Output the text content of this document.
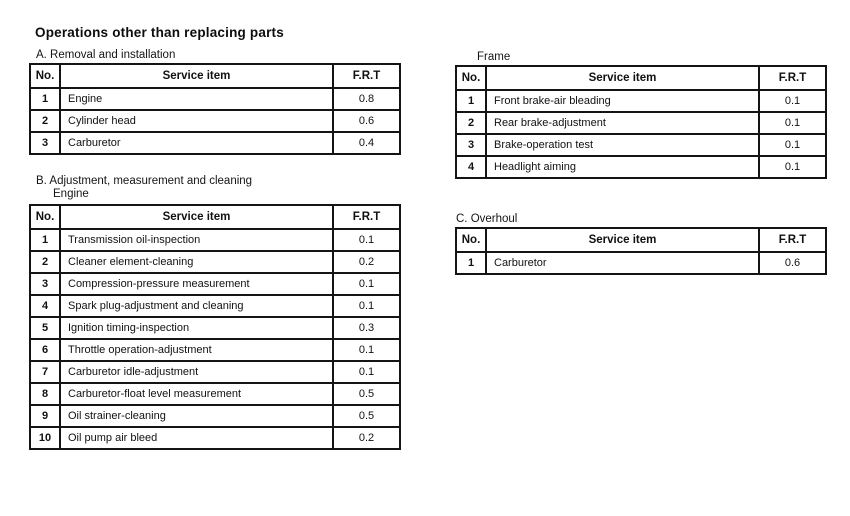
Operations other than replacing parts
A. Removal and installation
No.	Service item	F.R.T
1	Engine	0.8
2	Cylinder head	0.6
3	Carburetor	0.4
B. Adjustment, measurement and cleaning
Engine
No.	Service item	F.R.T
1	Transmission oil-inspection	0.1
2	Cleaner element-cleaning	0.2
3	Compression-pressure measurement	0.1
4	Spark plug-adjustment and cleaning	0.1
5	Ignition timing-inspection	0.3
6	Throttle operation-adjustment	0.1
7	Carburetor idle-adjustment	0.1
8	Carburetor-float level measurement	0.5
9	Oil strainer-cleaning	0.5
10	Oil pump air bleed	0.2
Frame
No.	Service item	F.R.T
1	Front brake-air bleading	0.1
2	Rear brake-adjustment	0.1
3	Brake-operation test	0.1
4	Headlight aiming	0.1
C. Overhoul
No.	Service item	F.R.T
1	Carburetor	0.6
